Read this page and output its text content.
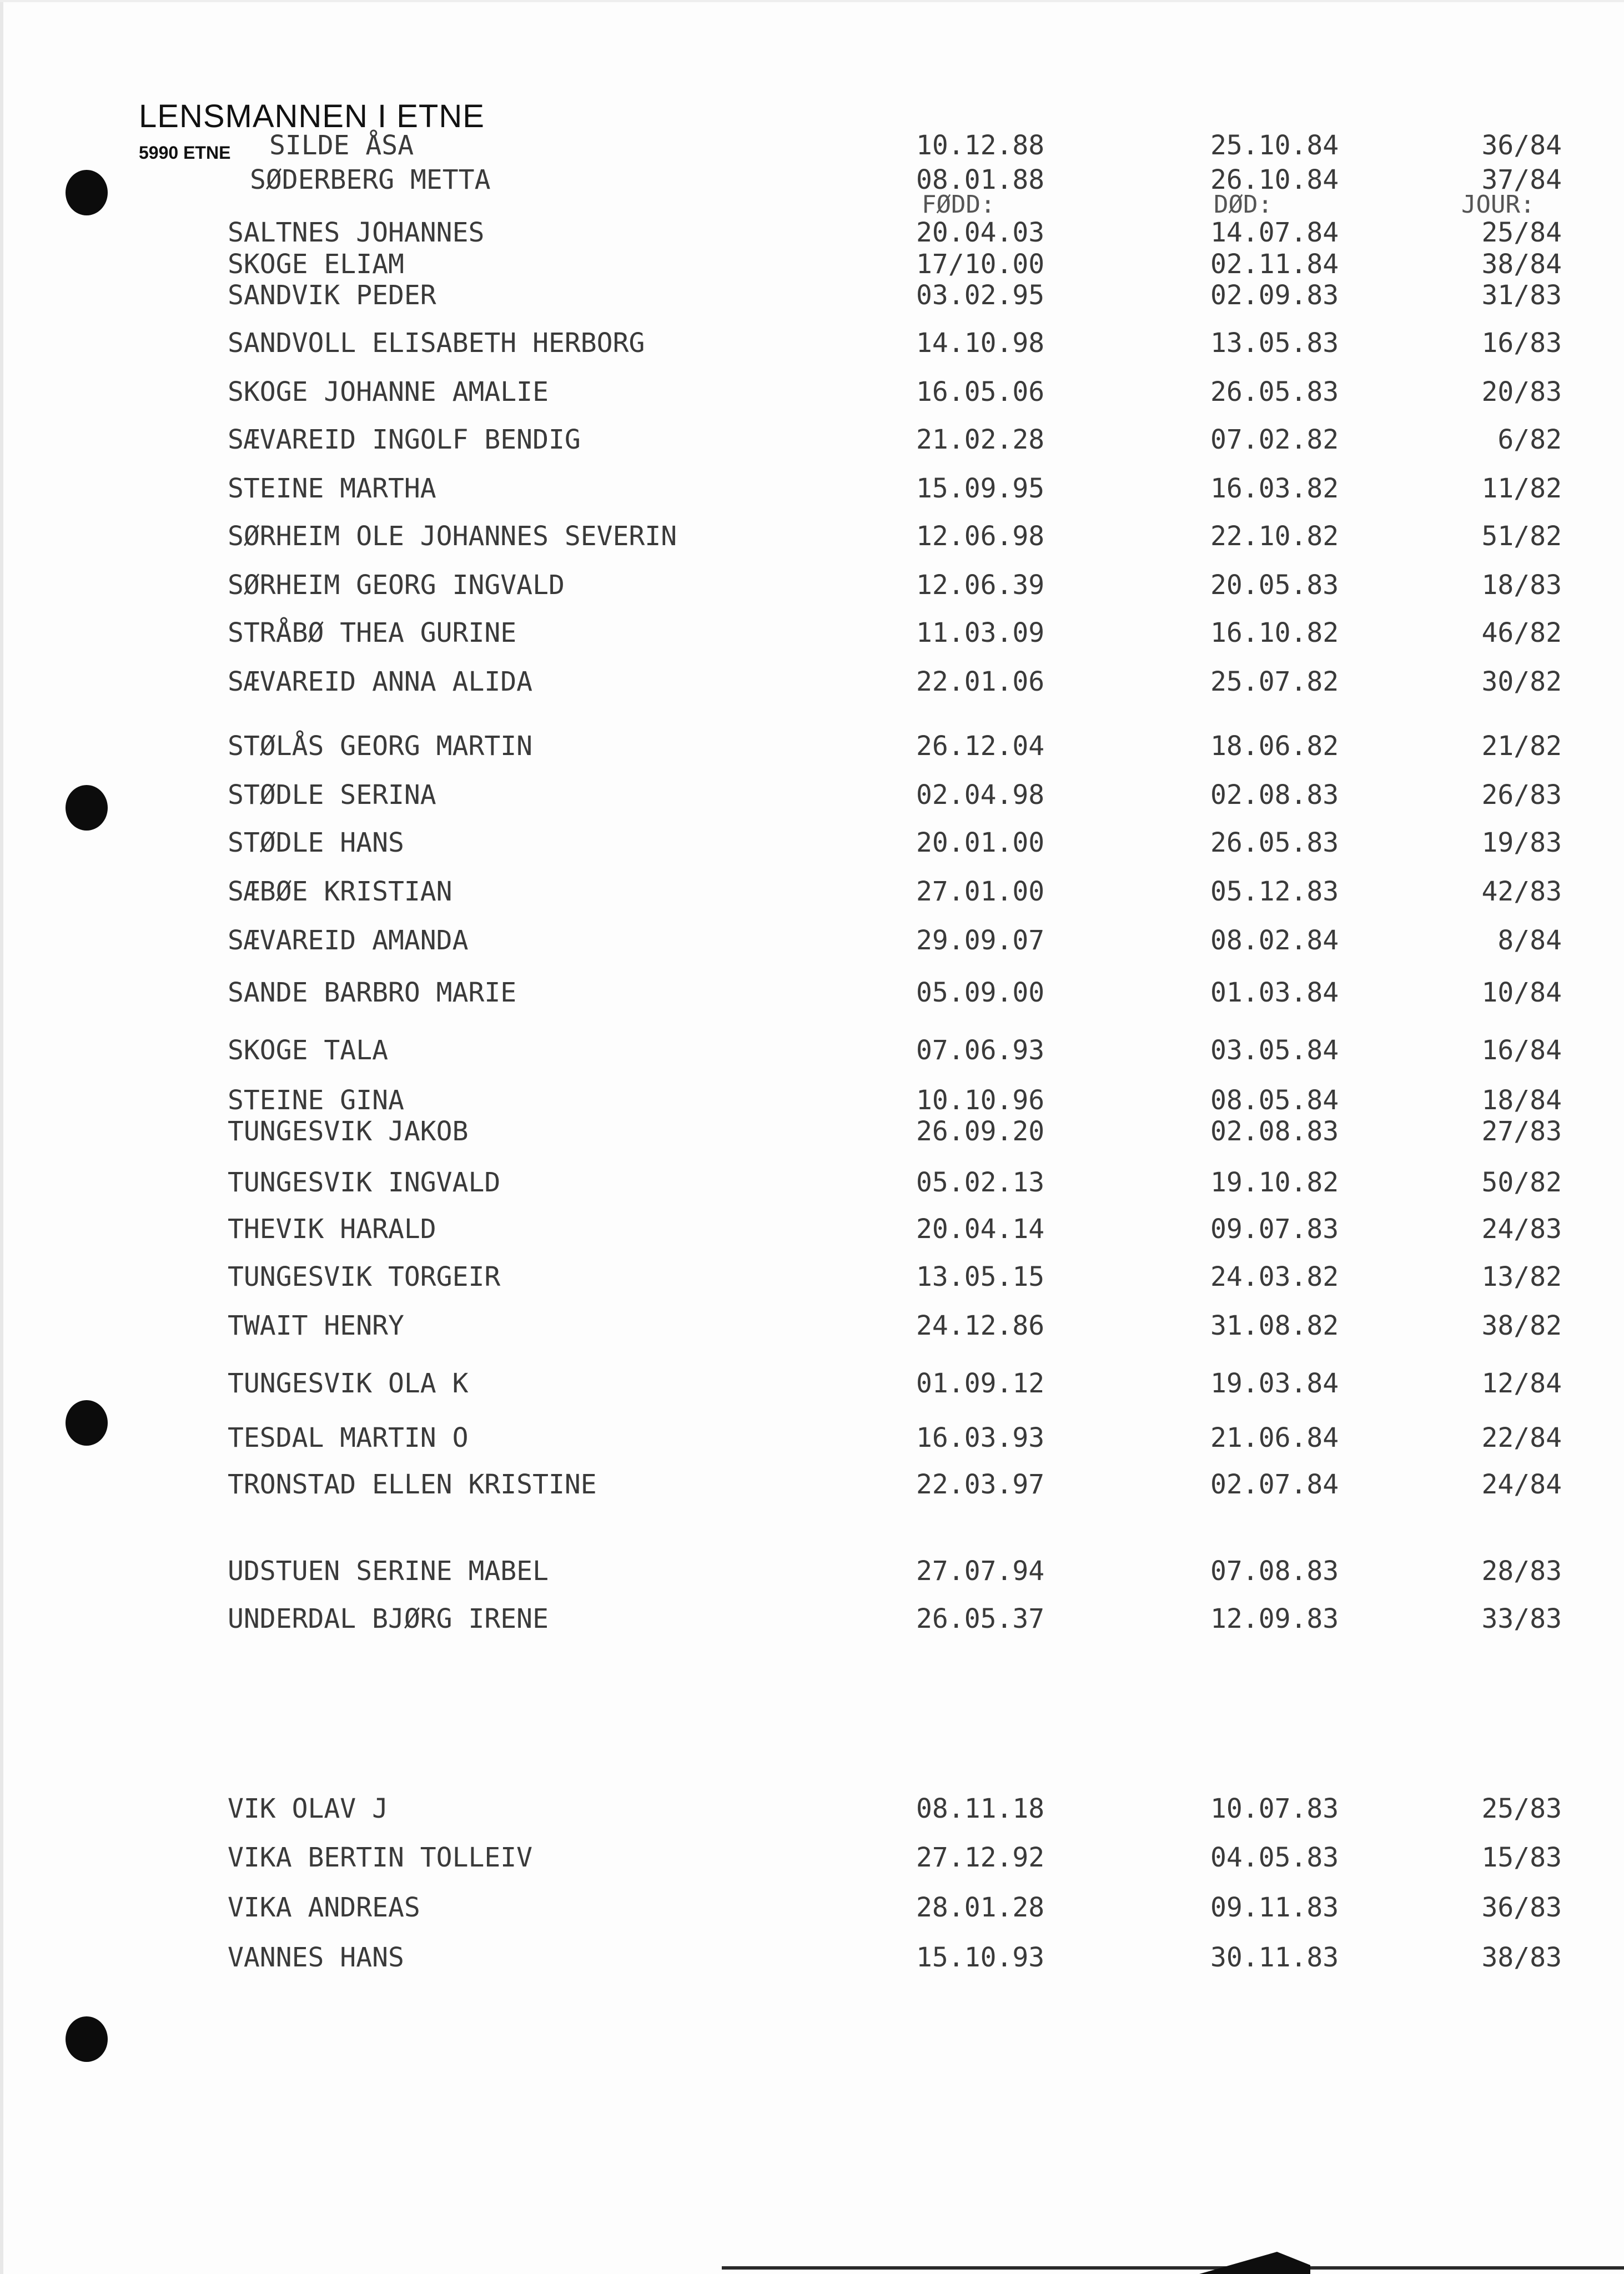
LENSMANNEN I ETNE
5990 ETNE
FØDD:	DØD:	JOUR:
SILDE ÅSA	10.12.88	25.10.84	36/84
SØDERBERG METTA	08.01.88	26.10.84	37/84
SALTNES JOHANNES	20.04.03	14.07.84	25/84
SKOGE ELIAM	17/10.00	02.11.84	38/84
SANDVIK PEDER	03.02.95	02.09.83	31/83
SANDVOLL ELISABETH HERBORG	14.10.98	13.05.83	16/83
SKOGE JOHANNE AMALIE	16.05.06	26.05.83	20/83
SÆVAREID INGOLF BENDIG	21.02.28	07.02.82	6/82
STEINE MARTHA	15.09.95	16.03.82	11/82
SØRHEIM OLE JOHANNES SEVERIN	12.06.98	22.10.82	51/82
SØRHEIM GEORG INGVALD	12.06.39	20.05.83	18/83
STRÅBØ THEA GURINE	11.03.09	16.10.82	46/82
SÆVAREID ANNA ALIDA	22.01.06	25.07.82	30/82
STØLÅS GEORG MARTIN	26.12.04	18.06.82	21/82
STØDLE SERINA	02.04.98	02.08.83	26/83
STØDLE HANS	20.01.00	26.05.83	19/83
SÆBØE KRISTIAN	27.01.00	05.12.83	42/83
SÆVAREID AMANDA	29.09.07	08.02.84	8/84
SANDE BARBRO MARIE	05.09.00	01.03.84	10/84
SKOGE TALA	07.06.93	03.05.84	16/84
STEINE GINA	10.10.96	08.05.84	18/84
TUNGESVIK JAKOB	26.09.20	02.08.83	27/83
TUNGESVIK INGVALD	05.02.13	19.10.82	50/82
THEVIK HARALD	20.04.14	09.07.83	24/83
TUNGESVIK TORGEIR	13.05.15	24.03.82	13/82
TWAIT HENRY	24.12.86	31.08.82	38/82
TUNGESVIK OLA K	01.09.12	19.03.84	12/84
TESDAL MARTIN O	16.03.93	21.06.84	22/84
TRONSTAD ELLEN KRISTINE	22.03.97	02.07.84	24/84
UDSTUEN SERINE MABEL	27.07.94	07.08.83	28/83
UNDERDAL BJØRG IRENE	26.05.37	12.09.83	33/83
VIK OLAV J	08.11.18	10.07.83	25/83
VIKA BERTIN TOLLEIV	27.12.92	04.05.83	15/83
VIKA ANDREAS	28.01.28	09.11.83	36/83
VANNES HANS	15.10.93	30.11.83	38/83
